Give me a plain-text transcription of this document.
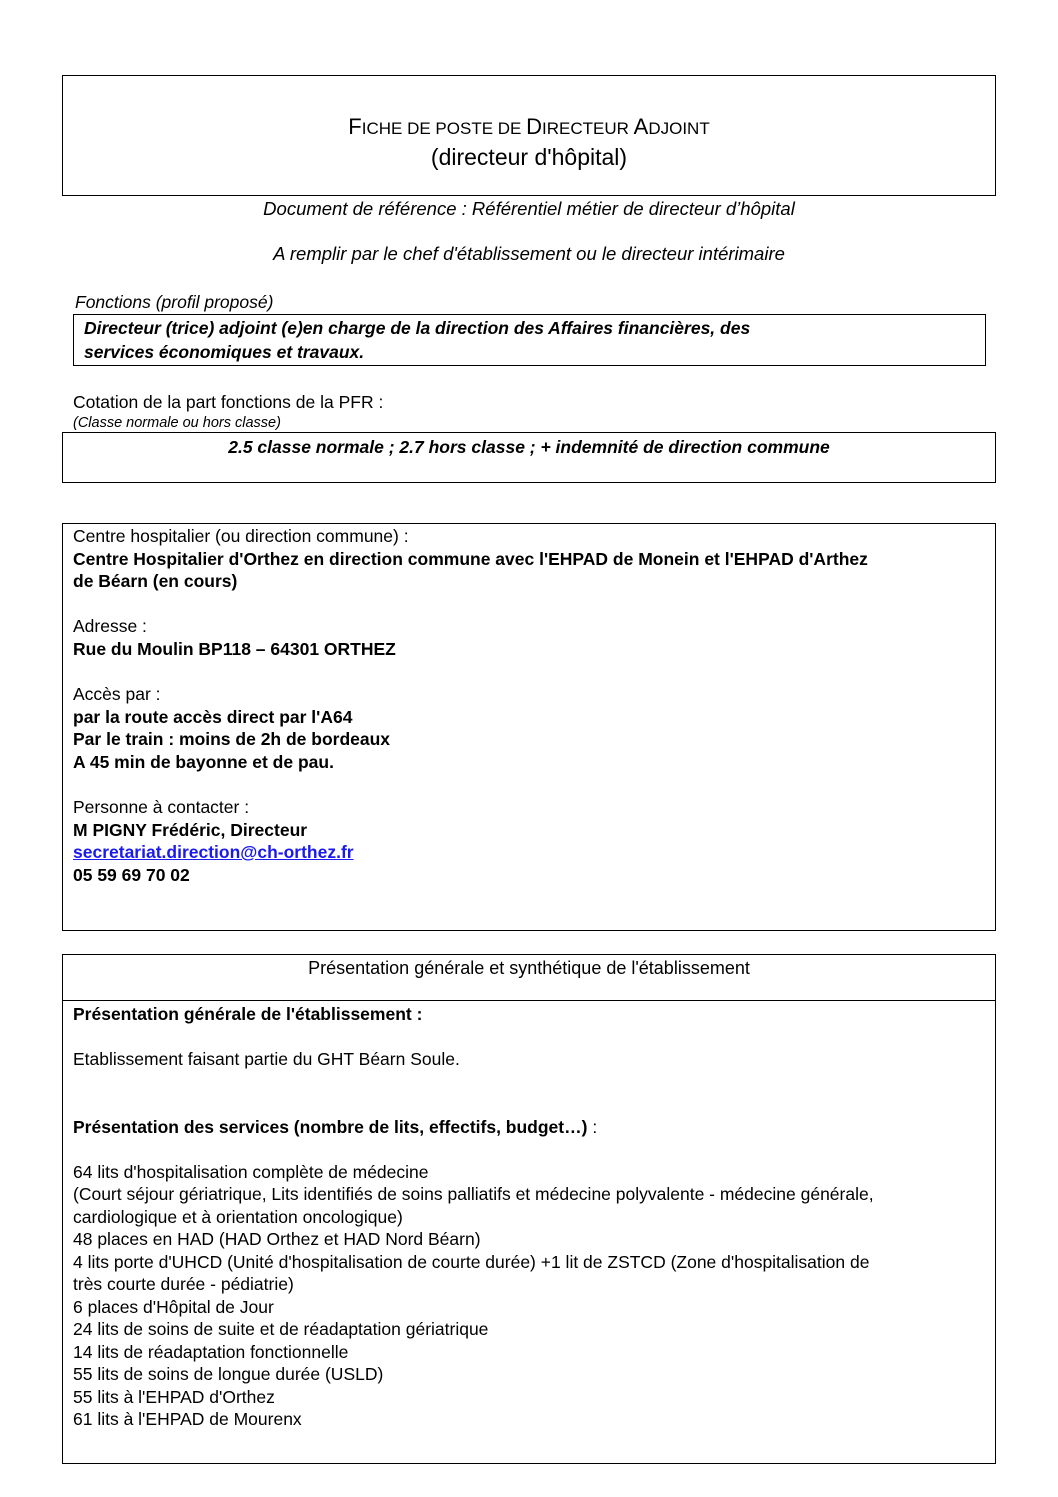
FICHE DE POSTE DE DIRECTEUR ADJOINT
(directeur d'hôpital)
Document de référence : Référentiel métier de directeur d’hôpital
A remplir par le chef d'établissement ou le directeur intérimaire
Fonctions (profil proposé)
Directeur (trice) adjoint (e)en charge de la direction des Affaires financières, des
services économiques et travaux.
Cotation de la part fonctions de la PFR :
(Classe normale ou hors classe)
2.5 classe normale ; 2.7 hors classe ; + indemnité de direction commune
Centre hospitalier (ou direction commune) :
Centre Hospitalier d'Orthez en direction commune avec l'EHPAD de Monein et l'EHPAD d'Arthez
de Béarn (en cours)
Adresse :
Rue du Moulin BP118 – 64301 ORTHEZ
Accès par :
par la route accès direct par l'A64
Par le train : moins de 2h de bordeaux
A 45 min de bayonne et de pau.
Personne à contacter :
M PIGNY Frédéric, Directeur
secretariat.direction@ch-orthez.fr
05 59 69 70 02
Présentation générale et synthétique de l'établissement
Présentation générale de l'établissement :
Etablissement faisant partie du GHT Béarn Soule.
Présentation des services (nombre de lits, effectifs, budget…) :
64 lits d'hospitalisation complète de médecine
(Court séjour gériatrique, Lits identifiés de soins palliatifs et médecine polyvalente - médecine générale,
cardiologique et à orientation oncologique)
48 places en HAD (HAD Orthez et HAD Nord Béarn)
4 lits porte d'UHCD (Unité d'hospitalisation de courte durée) +1 lit de ZSTCD (Zone d'hospitalisation de
très courte durée - pédiatrie)
6 places d'Hôpital de Jour
24 lits de soins de suite et de réadaptation gériatrique
14 lits de réadaptation fonctionnelle
55 lits de soins de longue durée (USLD)
55 lits à l'EHPAD d'Orthez
61 lits à l'EHPAD de Mourenx
